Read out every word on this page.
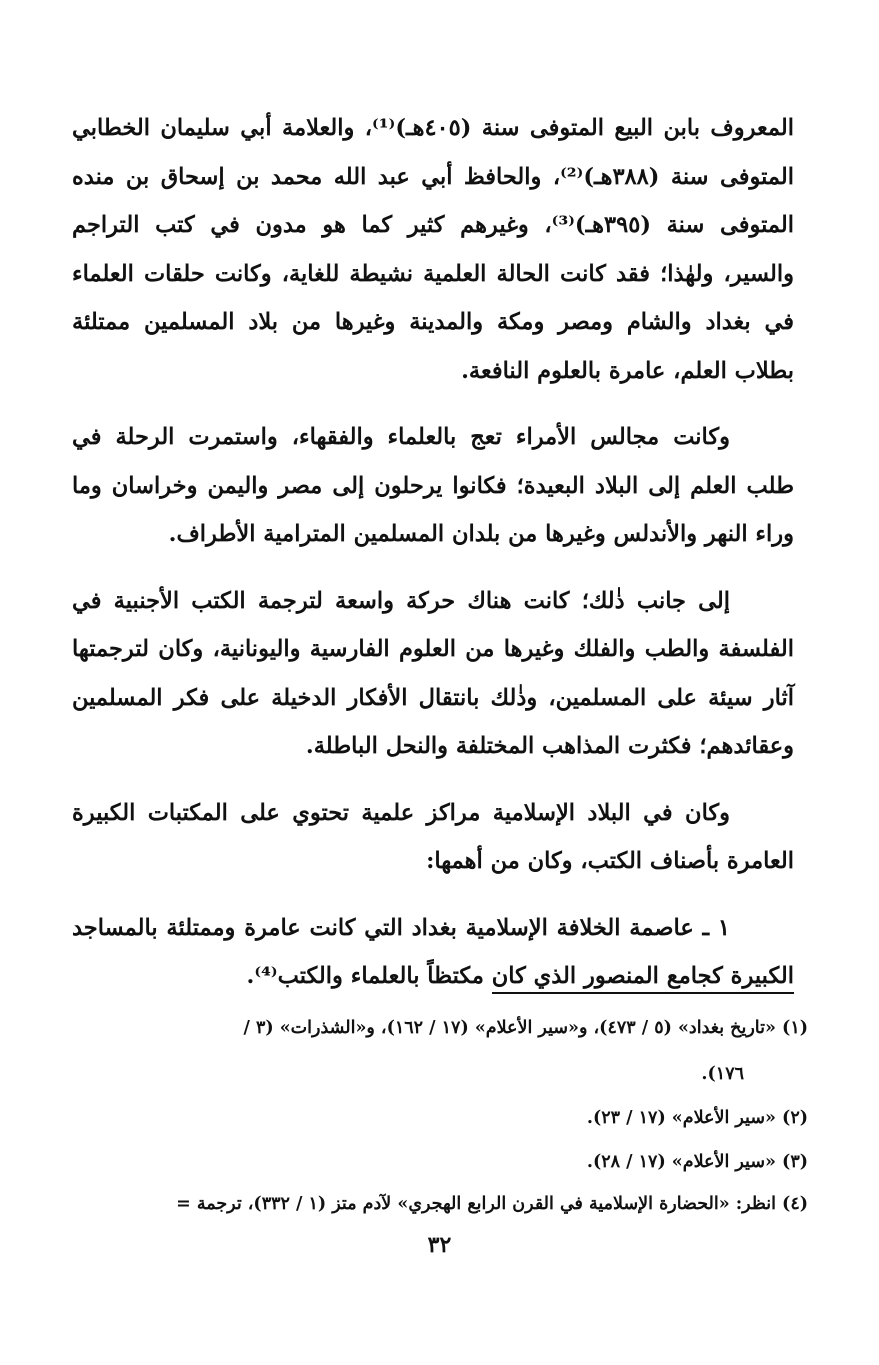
المعروف بابن البيع المتوفى سنة (٤٠٥هـ)⁽¹⁾، والعلامة أبي سليمان الخطابي المتوفى سنة (٣٨٨هـ)⁽²⁾، والحافظ أبي عبد الله محمد بن إسحاق بن منده المتوفى سنة (٣٩٥هـ)⁽³⁾، وغيرهم كثير كما هو مدون في كتب التراجم والسير، ولهٰذا؛ فقد كانت الحالة العلمية نشيطة للغاية، وكانت حلقات العلماء في بغداد والشام ومصر ومكة والمدينة وغيرها من بلاد المسلمين ممتلئة بطلاب العلم، عامرة بالعلوم النافعة.

وكانت مجالس الأمراء تعج بالعلماء والفقهاء، واستمرت الرحلة في طلب العلم إلى البلاد البعيدة؛ فكانوا يرحلون إلى مصر واليمن وخراسان وما وراء النهر والأندلس وغيرها من بلدان المسلمين المترامية الأطراف.

إلى جانب ذٰلك؛ كانت هناك حركة واسعة لترجمة الكتب الأجنبية في الفلسفة والطب والفلك وغيرها من العلوم الفارسية واليونانية، وكان لترجمتها آثار سيئة على المسلمين، وذٰلك بانتقال الأفكار الدخيلة على فكر المسلمين وعقائدهم؛ فكثرت المذاهب المختلفة والنحل الباطلة.

وكان في البلاد الإسلامية مراكز علمية تحتوي على المكتبات الكبيرة العامرة بأصناف الكتب، وكان من أهمها:

١ ـ عاصمة الخلافة الإسلامية بغداد التي كانت عامرة وممتلئة بالمساجد الكبيرة كجامع المنصور الذي كان مكتظاً بالعلماء والكتب⁽⁴⁾.

(١) «تاريخ بغداد» (٥ / ٤٧٣)، و«سير الأعلام» (١٧ / ١٦٢)، و«الشذرات» (٣ /
١٧٦).

(٢) «سير الأعلام» (١٧ / ٢٣).

(٣) «سير الأعلام» (١٧ / ٢٨).

(٤) انظر: «الحضارة الإسلامية في القرن الرابع الهجري» لآدم متز (١ / ٣٣٢)، ترجمة =

٣٢
